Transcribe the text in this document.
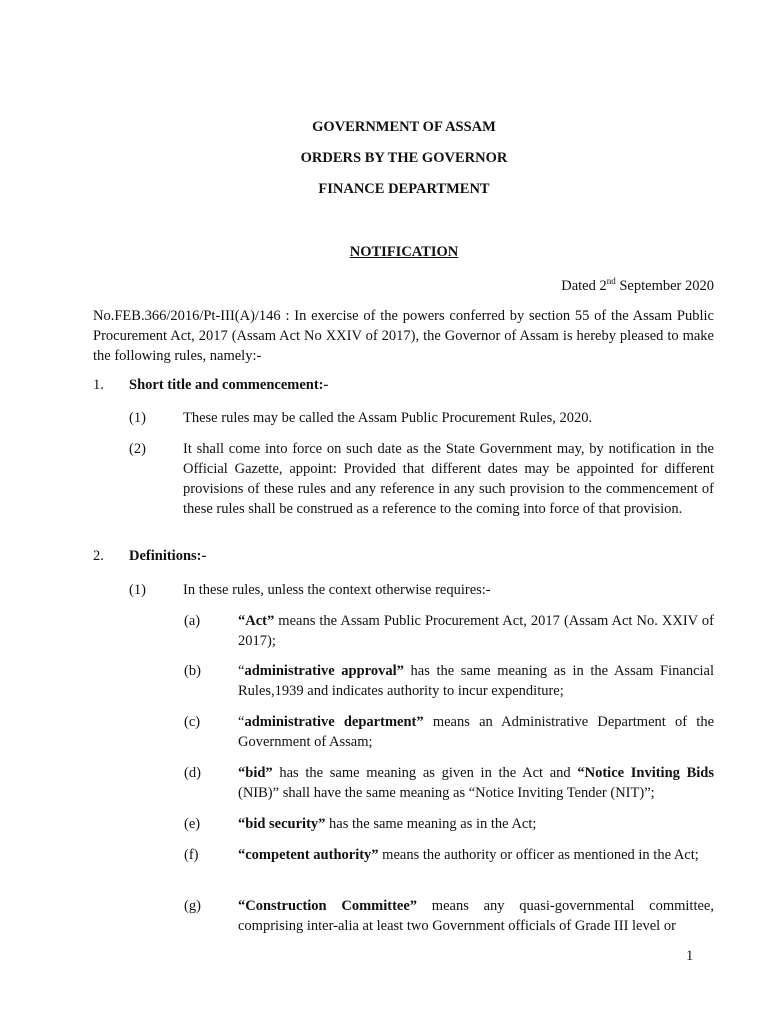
GOVERNMENT OF ASSAM
ORDERS BY THE GOVERNOR
FINANCE DEPARTMENT
NOTIFICATION
Dated 2nd September 2020
No.FEB.366/2016/Pt-III(A)/146 : In exercise of the powers conferred by section 55 of the Assam Public Procurement Act, 2017 (Assam Act No XXIV of 2017), the Governor of Assam is hereby pleased to make the following rules, namely:-
1. Short title and commencement:-
(1)	These rules may be called the Assam Public Procurement Rules, 2020.
(2)	It shall come into force on such date as the State Government may, by notification in the Official Gazette, appoint: Provided that different dates may be appointed for different provisions of these rules and any reference in any such provision to the commencement of these rules shall be construed as a reference to the coming into force of that provision.
2. Definitions:-
(1)	In these rules, unless the context otherwise requires:-
(a)	“Act” means the Assam Public Procurement Act, 2017 (Assam Act No. XXIV of 2017);
(b)	“administrative approval” has the same meaning as in the Assam Financial Rules,1939 and indicates authority to incur expenditure;
(c)	“administrative department” means an Administrative Department of the Government of Assam;
(d)	“bid” has the same meaning as given in the Act and “Notice Inviting Bids (NIB)” shall have the same meaning as “Notice Inviting Tender (NIT)”;
(e)	“bid security” has the same meaning as in the Act;
(f)	“competent authority” means the authority or officer as mentioned in the Act;
(g)	“Construction Committee” means any quasi-governmental committee, comprising inter-alia at least two Government officials of Grade III level or
1
